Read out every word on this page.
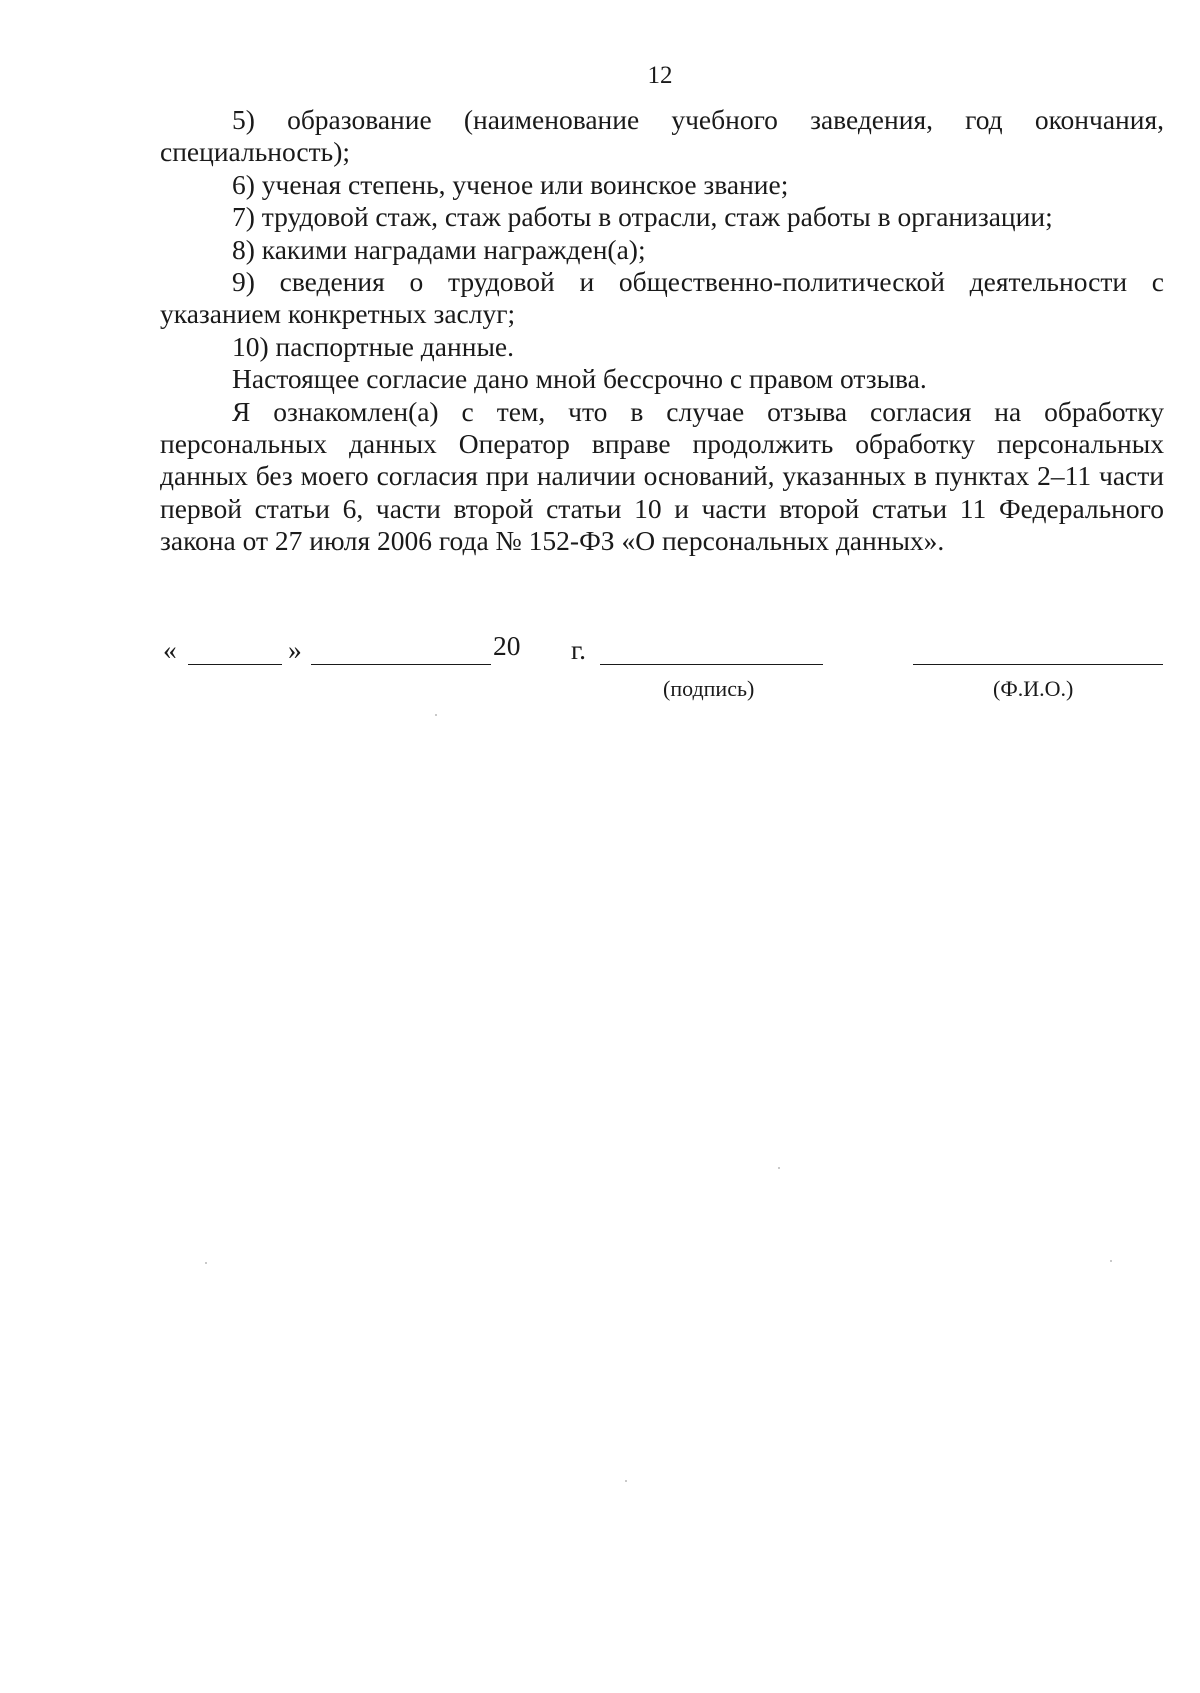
12

5) образование (наименование учебного заведения, год окончания, специальность);

6) ученая степень, ученое или воинское звание;

7) трудовой стаж, стаж работы в отрасли, стаж работы в организации;

8) какими наградами награжден(а);

9) сведения о трудовой и общественно-политической деятельности с указанием конкретных заслуг;

10) паспортные данные.

Настоящее согласие дано мной бессрочно с правом отзыва.

Я ознакомлен(а) с тем, что в случае отзыва согласия на обработку персональных данных Оператор вправе продолжить обработку персональных данных без моего согласия при наличии оснований, указанных в пунктах 2–11 части первой статьи 6, части второй статьи 10 и части второй статьи 11 Федерального закона от 27 июля 2006 года № 152-ФЗ «О персональных данных».

«	»	20 г.
(подпись)	(Ф.И.О.)
